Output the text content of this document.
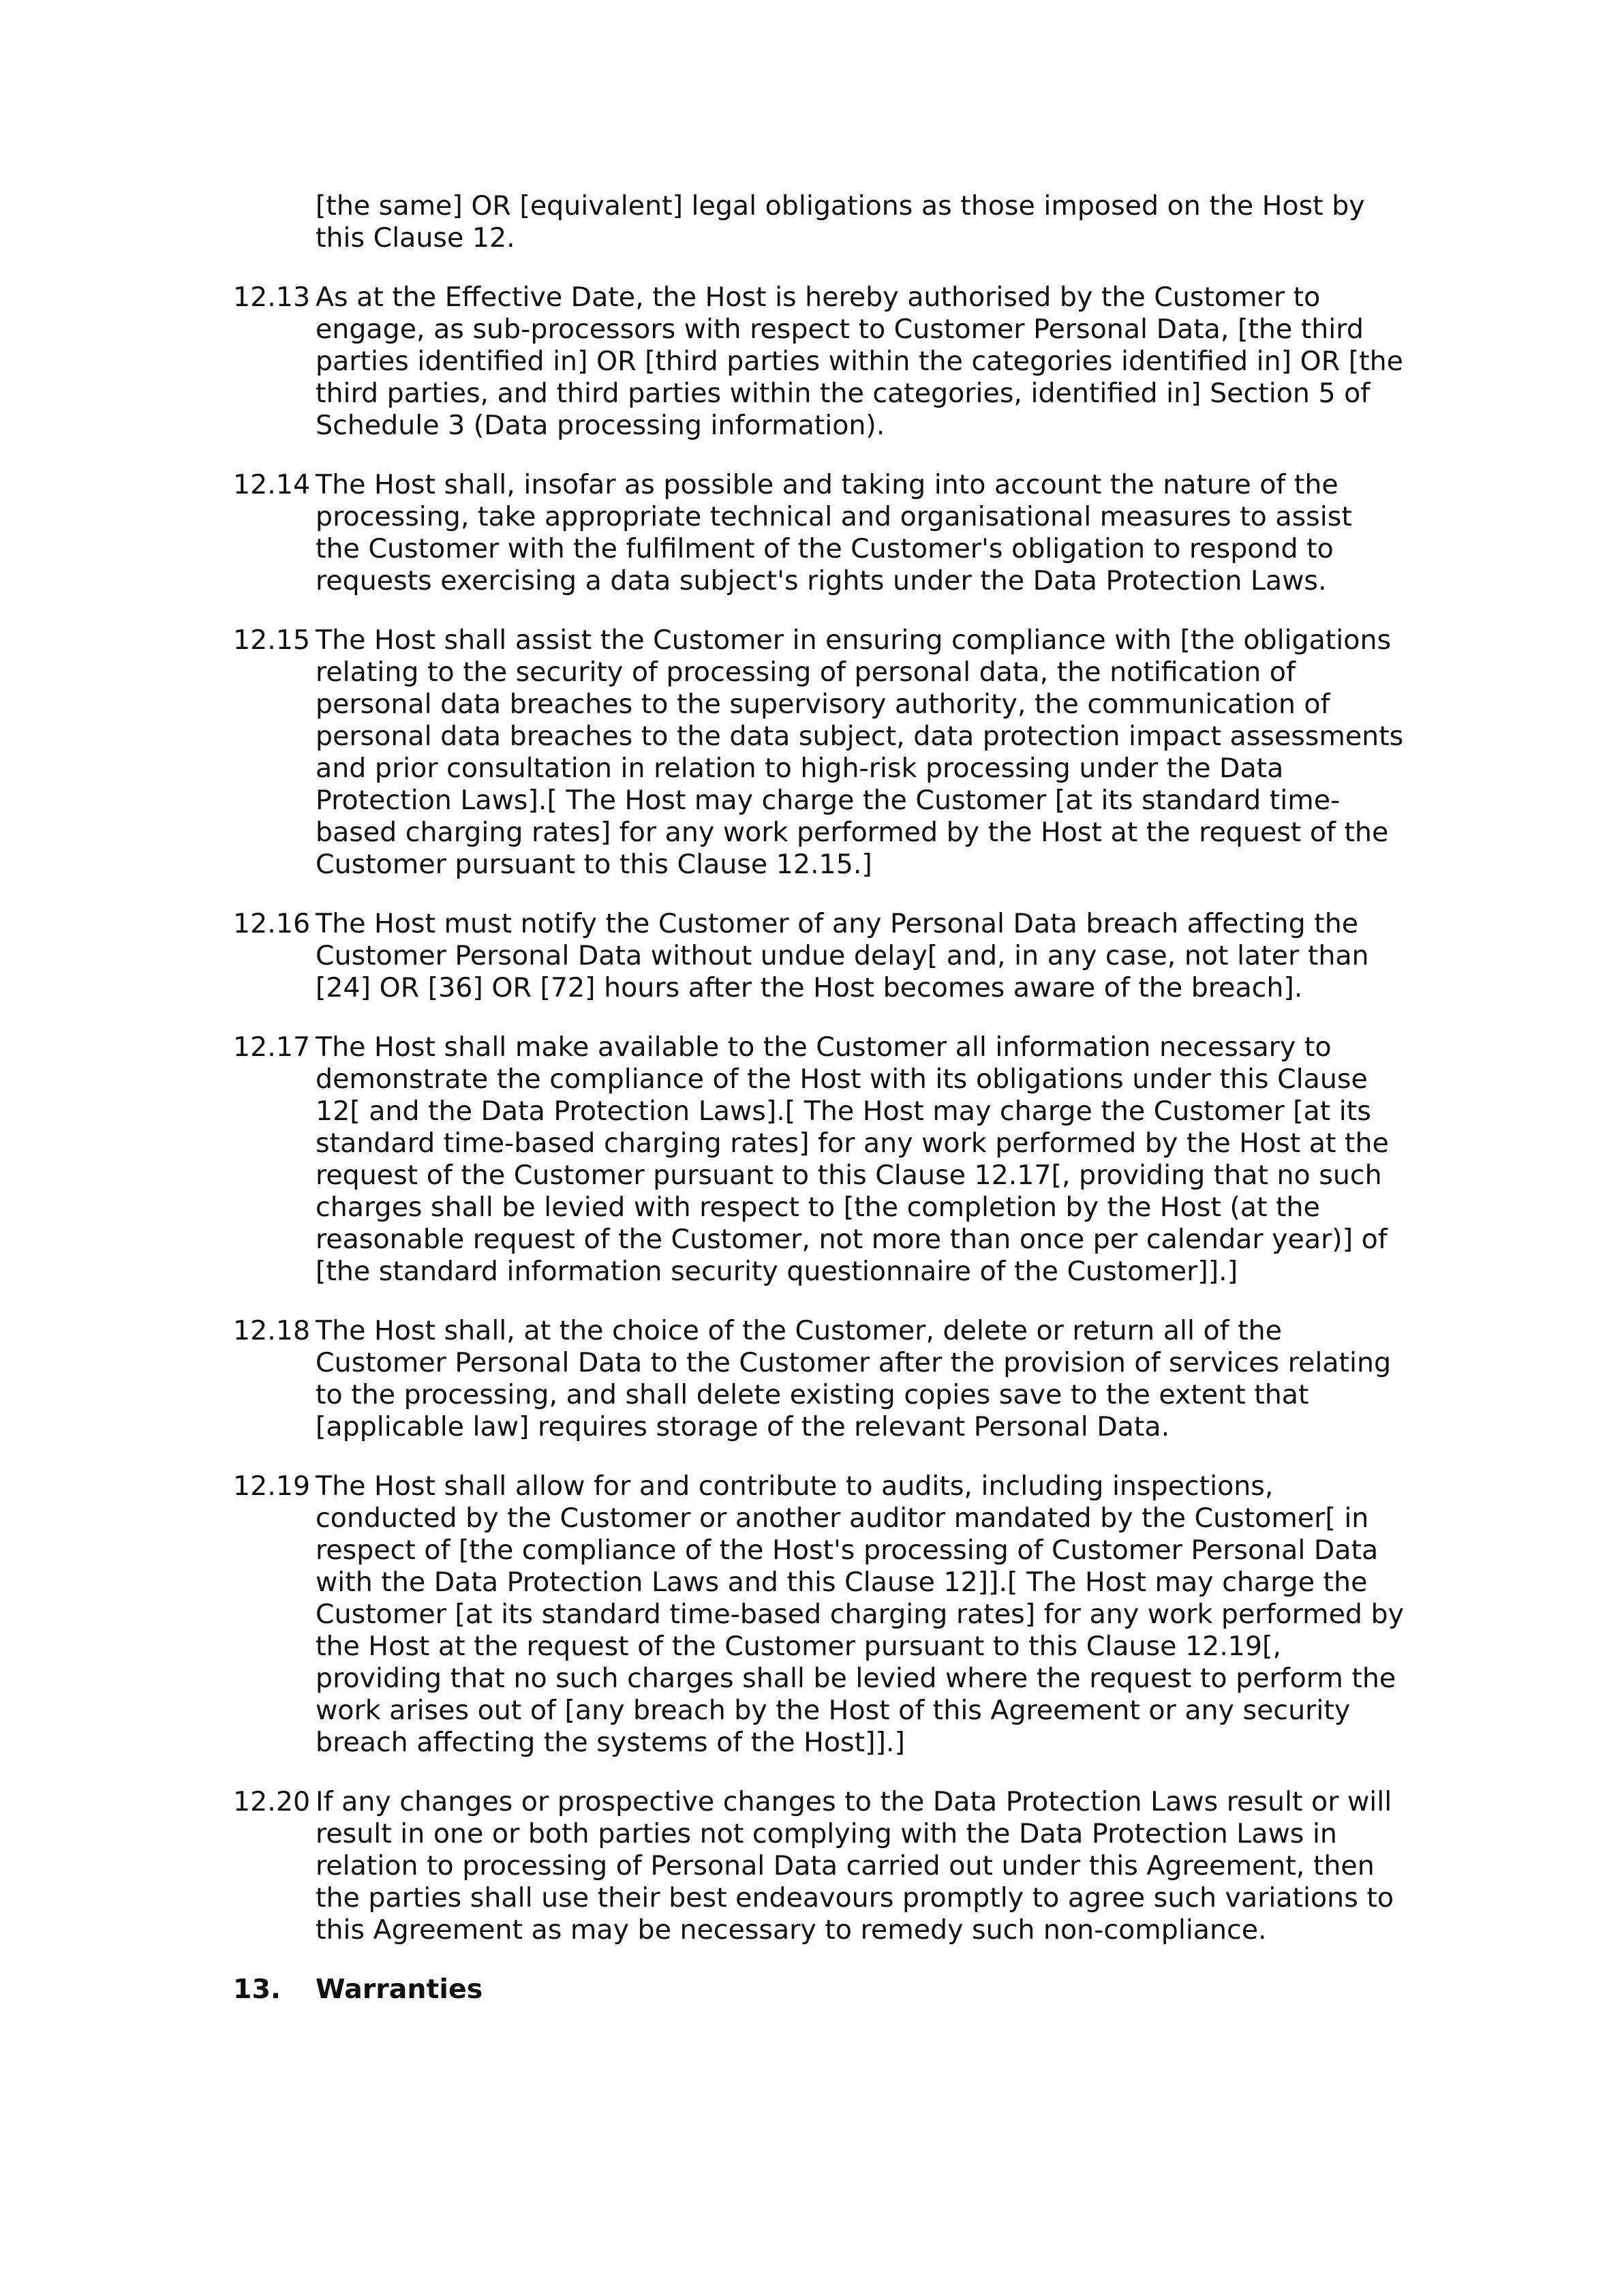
[the same] OR [equivalent] legal obligations as those imposed on the Host by this Clause 12.

12.13 As at the Effective Date, the Host is hereby authorised by the Customer to engage, as sub-processors with respect to Customer Personal Data, [the third parties identified in] OR [third parties within the categories identified in] OR [the third parties, and third parties within the categories, identified in] Section 5 of Schedule 3 (Data processing information).
12.14 The Host shall, insofar as possible and taking into account the nature of the processing, take appropriate technical and organisational measures to assist the Customer with the fulfilment of the Customer's obligation to respond to requests exercising a data subject's rights under the Data Protection Laws.
12.15 The Host shall assist the Customer in ensuring compliance with [the obligations relating to the security of processing of personal data, the notification of personal data breaches to the supervisory authority, the communication of personal data breaches to the data subject, data protection impact assessments and prior consultation in relation to high-risk processing under the Data Protection Laws].[ The Host may charge the Customer [at its standard time-based charging rates] for any work performed by the Host at the request of the Customer pursuant to this Clause 12.15.]
12.16 The Host must notify the Customer of any Personal Data breach affecting the Customer Personal Data without undue delay[ and, in any case, not later than [24] OR [36] OR [72] hours after the Host becomes aware of the breach].
12.17 The Host shall make available to the Customer all information necessary to demonstrate the compliance of the Host with its obligations under this Clause 12[ and the Data Protection Laws].[ The Host may charge the Customer [at its standard time-based charging rates] for any work performed by the Host at the request of the Customer pursuant to this Clause 12.17[, providing that no such charges shall be levied with respect to [the completion by the Host (at the reasonable request of the Customer, not more than once per calendar year)] of [the standard information security questionnaire of the Customer]].]
12.18 The Host shall, at the choice of the Customer, delete or return all of the Customer Personal Data to the Customer after the provision of services relating to the processing, and shall delete existing copies save to the extent that [applicable law] requires storage of the relevant Personal Data.
12.19 The Host shall allow for and contribute to audits, including inspections, conducted by the Customer or another auditor mandated by the Customer[ in respect of [the compliance of the Host's processing of Customer Personal Data with the Data Protection Laws and this Clause 12]].[ The Host may charge the Customer [at its standard time-based charging rates] for any work performed by the Host at the request of the Customer pursuant to this Clause 12.19[, providing that no such charges shall be levied where the request to perform the work arises out of [any breach by the Host of this Agreement or any security breach affecting the systems of the Host]].]
12.20 If any changes or prospective changes to the Data Protection Laws result or will result in one or both parties not complying with the Data Protection Laws in relation to processing of Personal Data carried out under this Agreement, then the parties shall use their best endeavours promptly to agree such variations to this Agreement as may be necessary to remedy such non-compliance.
13.	Warranties
